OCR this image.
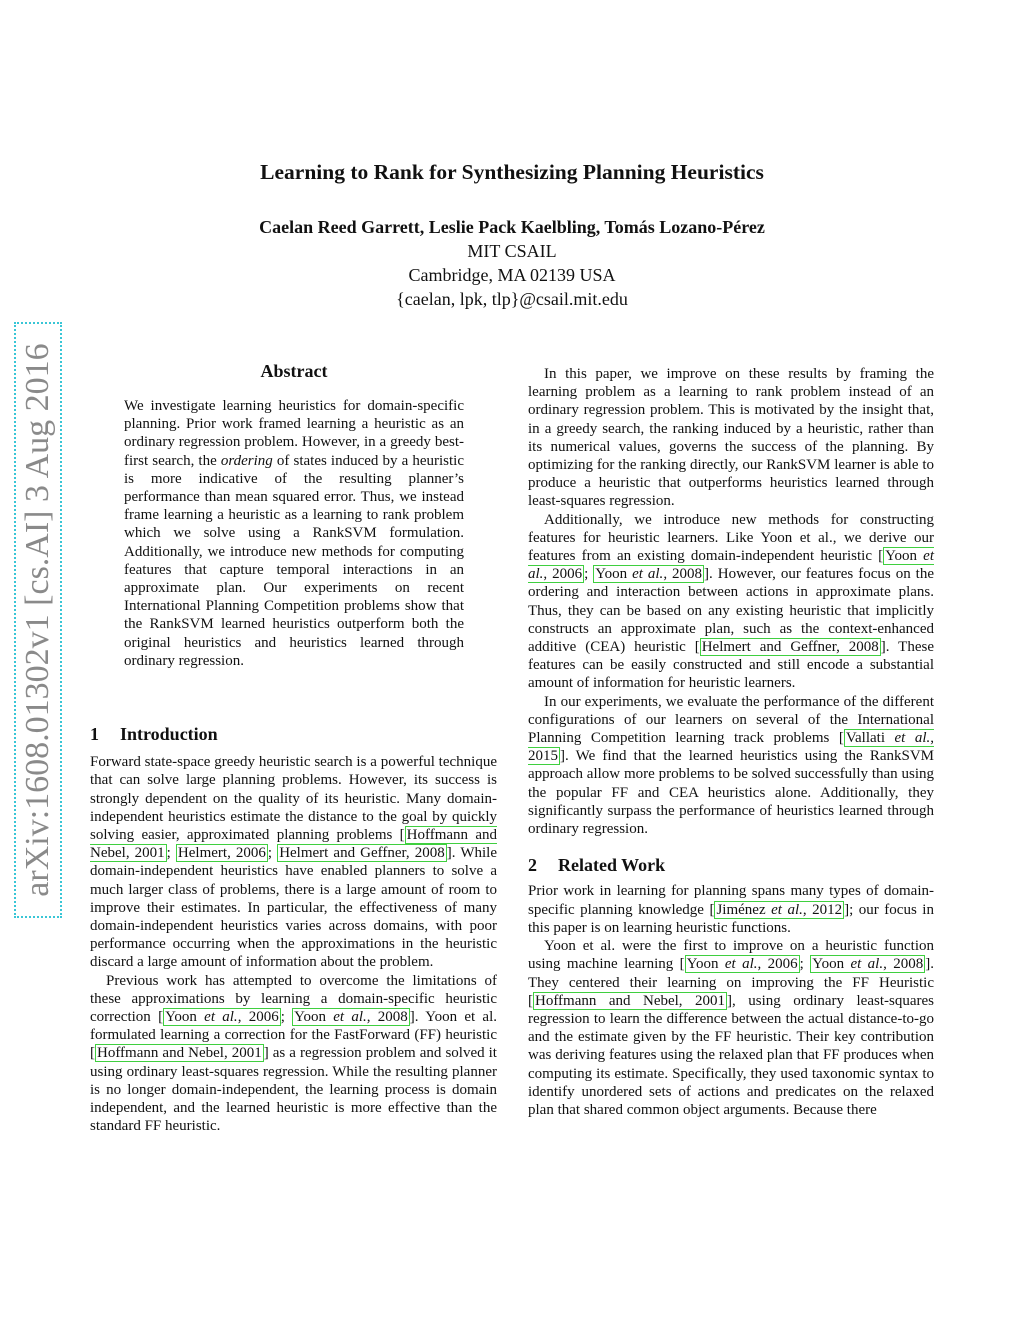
Learning to Rank for Synthesizing Planning Heuristics
Caelan Reed Garrett, Leslie Pack Kaelbling, Tomás Lozano-Pérez
MIT CSAIL
Cambridge, MA 02139 USA
{caelan, lpk, tlp}@csail.mit.edu
arXiv:1608.01302v1 [cs.AI] 3 Aug 2016	Abstract
We investigate learning heuristics for domain-specific planning. Prior work framed learning a heuristic as an ordinary regression problem. However, in a greedy best-first search, the ordering of states induced by a heuristic is more indicative of the resulting planner’s performance than mean squared error. Thus, we instead frame learning a heuristic as a learning to rank problem which we solve using a RankSVM formulation. Additionally, we introduce new methods for computing features that capture temporal interactions in an approximate plan. Our experiments on recent International Planning Competition problems show that the RankSVM learned heuristics outperform both the original heuristics and heuristics learned through ordinary regression.
1 Introduction

Forward state-space greedy heuristic search is a powerful technique that can solve large planning problems. However, its success is strongly dependent on the quality of its heuristic. Many domain-independent heuristics estimate the distance to the goal by quickly solving easier, approximated planning problems [ Hoffmann and Nebel, 2001 ; Helmert, 2006 ; Helmert and Geffner, 2008 ]. While domain-independent heuristics have enabled planners to solve a much larger class of problems, there is a large amount of room to improve their estimates. In particular, the effectiveness of many domain-independent heuristics varies across domains, with poor performance occurring when the approximations in the heuristic discard a large amount of information about the problem.

Previous work has attempted to overcome the limitations of these approximations by learning a domain-specific heuristic correction [ Yoon et al., 2006 ; Yoon et al., 2008 ]. Yoon et al. formulated learning a correction for the FastForward (FF) heuristic [ Hoffmann and Nebel, 2001 ] as a regression problem and solved it using ordinary least-squares regression. While the resulting planner is no longer domain-independent, the learning process is domain independent, and the learned heuristic is more effective than the standard FF heuristic.

In this paper, we improve on these results by framing the learning problem as a learning to rank problem instead of an ordinary regression problem. This is motivated by the insight that, in a greedy search, the ranking induced by a heuristic, rather than its numerical values, governs the success of the planning. By optimizing for the ranking directly, our RankSVM learner is able to produce a heuristic that outperforms heuristics learned through least-squares regression.

Additionally, we introduce new methods for constructing features for heuristic learners. Like Yoon et al., we derive our features from an existing domain-independent heuristic [ Yoon et al., 2006 ; Yoon et al., 2008 ]. However, our features focus on the ordering and interaction between actions in approximate plans. Thus, they can be based on any existing heuristic that implicitly constructs an approximate plan, such as the context-enhanced additive (CEA) heuristic [ Helmert and Geffner, 2008 ]. These features can be easily constructed and still encode a substantial amount of information for heuristic learners.

In our experiments, we evaluate the performance of the different configurations of our learners on several of the International Planning Competition learning track problems [ Vallati et al., 2015 ]. We find that the learned heuristics using the RankSVM approach allow more problems to be solved successfully than using the popular FF and CEA heuristics alone. Additionally, they significantly surpass the performance of heuristics learned through ordinary regression.

2 Related Work

Prior work in learning for planning spans many types of domain-specific planning knowledge [ Jiménez et al., 2012 ]; our focus in this paper is on learning heuristic functions.

Yoon et al. were the first to improve on a heuristic function using machine learning [ Yoon et al., 2006 ; Yoon et al., 2008 ]. They centered their learning on improving the FF Heuristic [ Hoffmann and Nebel, 2001 ], using ordinary least-squares regression to learn the difference between the actual distance-to-go and the estimate given by the FF heuristic. Their key contribution was deriving features using the relaxed plan that FF produces when computing its estimate. Specifically, they used taxonomic syntax to identify unordered sets of actions and predicates on the relaxed plan that shared common object arguments. Because there
